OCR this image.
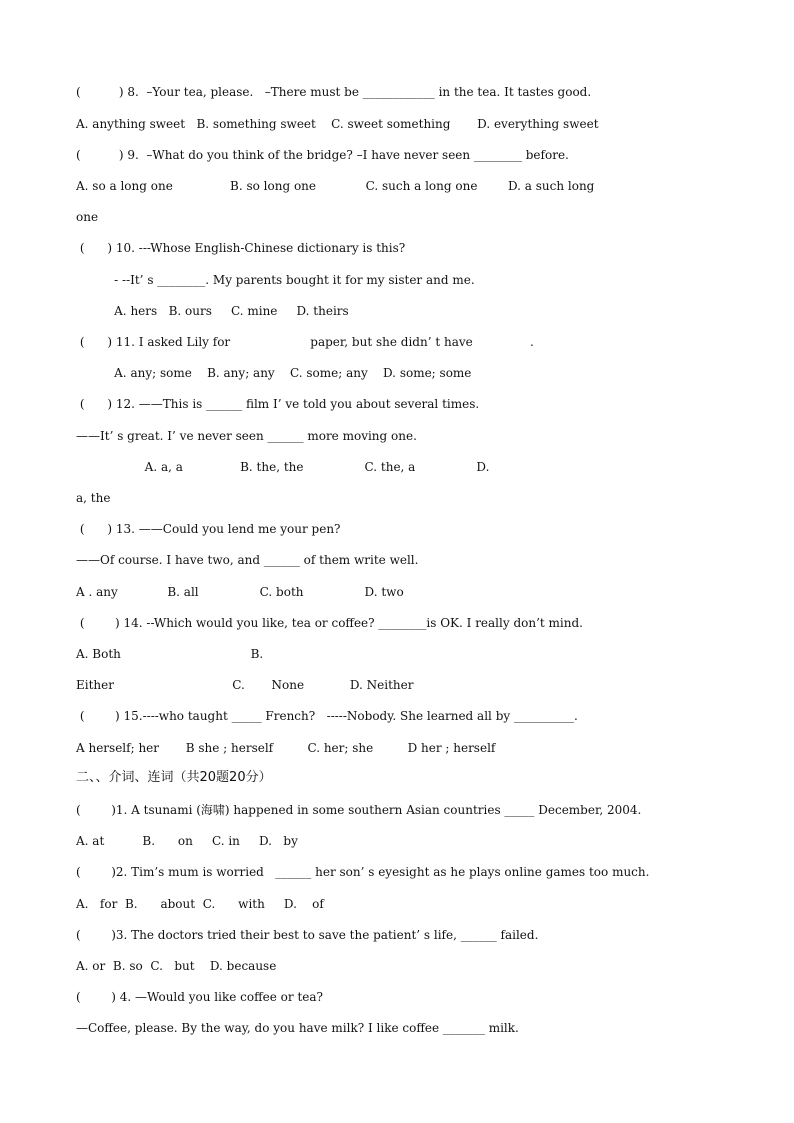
(          ) 8.  –Your tea, please.   –There must be ____________ in the tea. It tastes good.
A. anything sweet   B. something sweet    C. sweet something       D. everything sweet
(          ) 9.  –What do you think of the bridge? –I have never seen ________ before.
A. so a long one               B. so long one             C. such a long one        D. a such long
one
(      ) 10. ---Whose English-Chinese dictionary is this?
- --It’ s ________. My parents bought it for my sister and me.
A. hers   B. ours     C. mine     D. theirs
(      ) 11. I asked Lily for                     paper, but she didn’ t have               .
A. any; some    B. any; any    C. some; any    D. some; some
(      ) 12. ——This is ______ film I’ ve told you about several times.
——It’ s great. I’ ve never seen ______ more moving one.
A. a, a               B. the, the                C. the, a                D.
a, the
(      ) 13. ——Could you lend me your pen?
——Of course. I have two, and ______ of them write well.
A . any             B. all                C. both                D. two
(        ) 14. --Which would you like, tea or coffee? ________is OK. I really don’t mind.
A. Both                                  B.
Either                               C.       None            D. Neither
(        ) 15.----who taught _____ French?   -----Nobody. She learned all by __________.
A herself; her       B she ; herself         C. her; she         D her ; herself
二、、介词、连词（共20题20分）
(        )1. A tsunami (海啸) happened in some southern Asian countries _____ December, 2004.
A. at          B.      on     C. in     D.   by
(        )2. Tim’s mum is worried   ______ her son’ s eyesight as he plays online games too much.
A.   for  B.      about  C.      with     D.    of
(        )3. The doctors tried their best to save the patient’ s life, ______ failed.
A. or  B. so  C.   but    D. because
(        ) 4. —Would you like coffee or tea?
—Coffee, please. By the way, do you have milk? I like coffee _______ milk.
